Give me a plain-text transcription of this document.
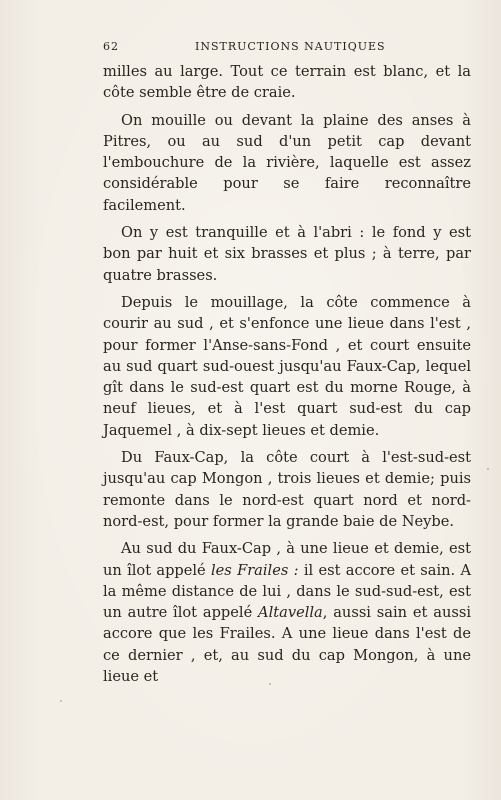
62	INSTRUCTIONS NAUTIQUES

milles au large. Tout ce terrain est blanc, et la côte semble être de craie.

On mouille ou devant la plaine des anses à Pitres, ou au sud d'un petit cap devant l'embouchure de la rivière, laquelle est assez considérable pour se faire reconnaître facilement.

On y est tranquille et à l'abri : le fond y est bon par huit et six brasses et plus ; à terre, par quatre brasses.

Depuis le mouillage, la côte commence à courir au sud , et s'enfonce une lieue dans l'est , pour former l'Anse-sans-Fond , et court ensuite au sud quart sud-ouest jusqu'au Faux-Cap, lequel gît dans le sud-est quart est du morne Rouge, à neuf lieues, et à l'est quart sud-est du cap Jaquemel , à dix-sept lieues et demie.

Du Faux-Cap, la côte court à l'est-sud-est jusqu'au cap Mongon , trois lieues et demie; puis remonte dans le nord-est quart nord et nord-nord-est, pour former la grande baie de Neybe.

Au sud du Faux-Cap , à une lieue et demie, est un îlot appelé les Frailes : il est accore et sain. A la même distance de lui , dans le sud-sud-est, est un autre îlot appelé Altavella, aussi sain et aussi accore que les Frailes. A une lieue dans l'est de ce dernier , et, au sud du cap Mongon, à une lieue et
